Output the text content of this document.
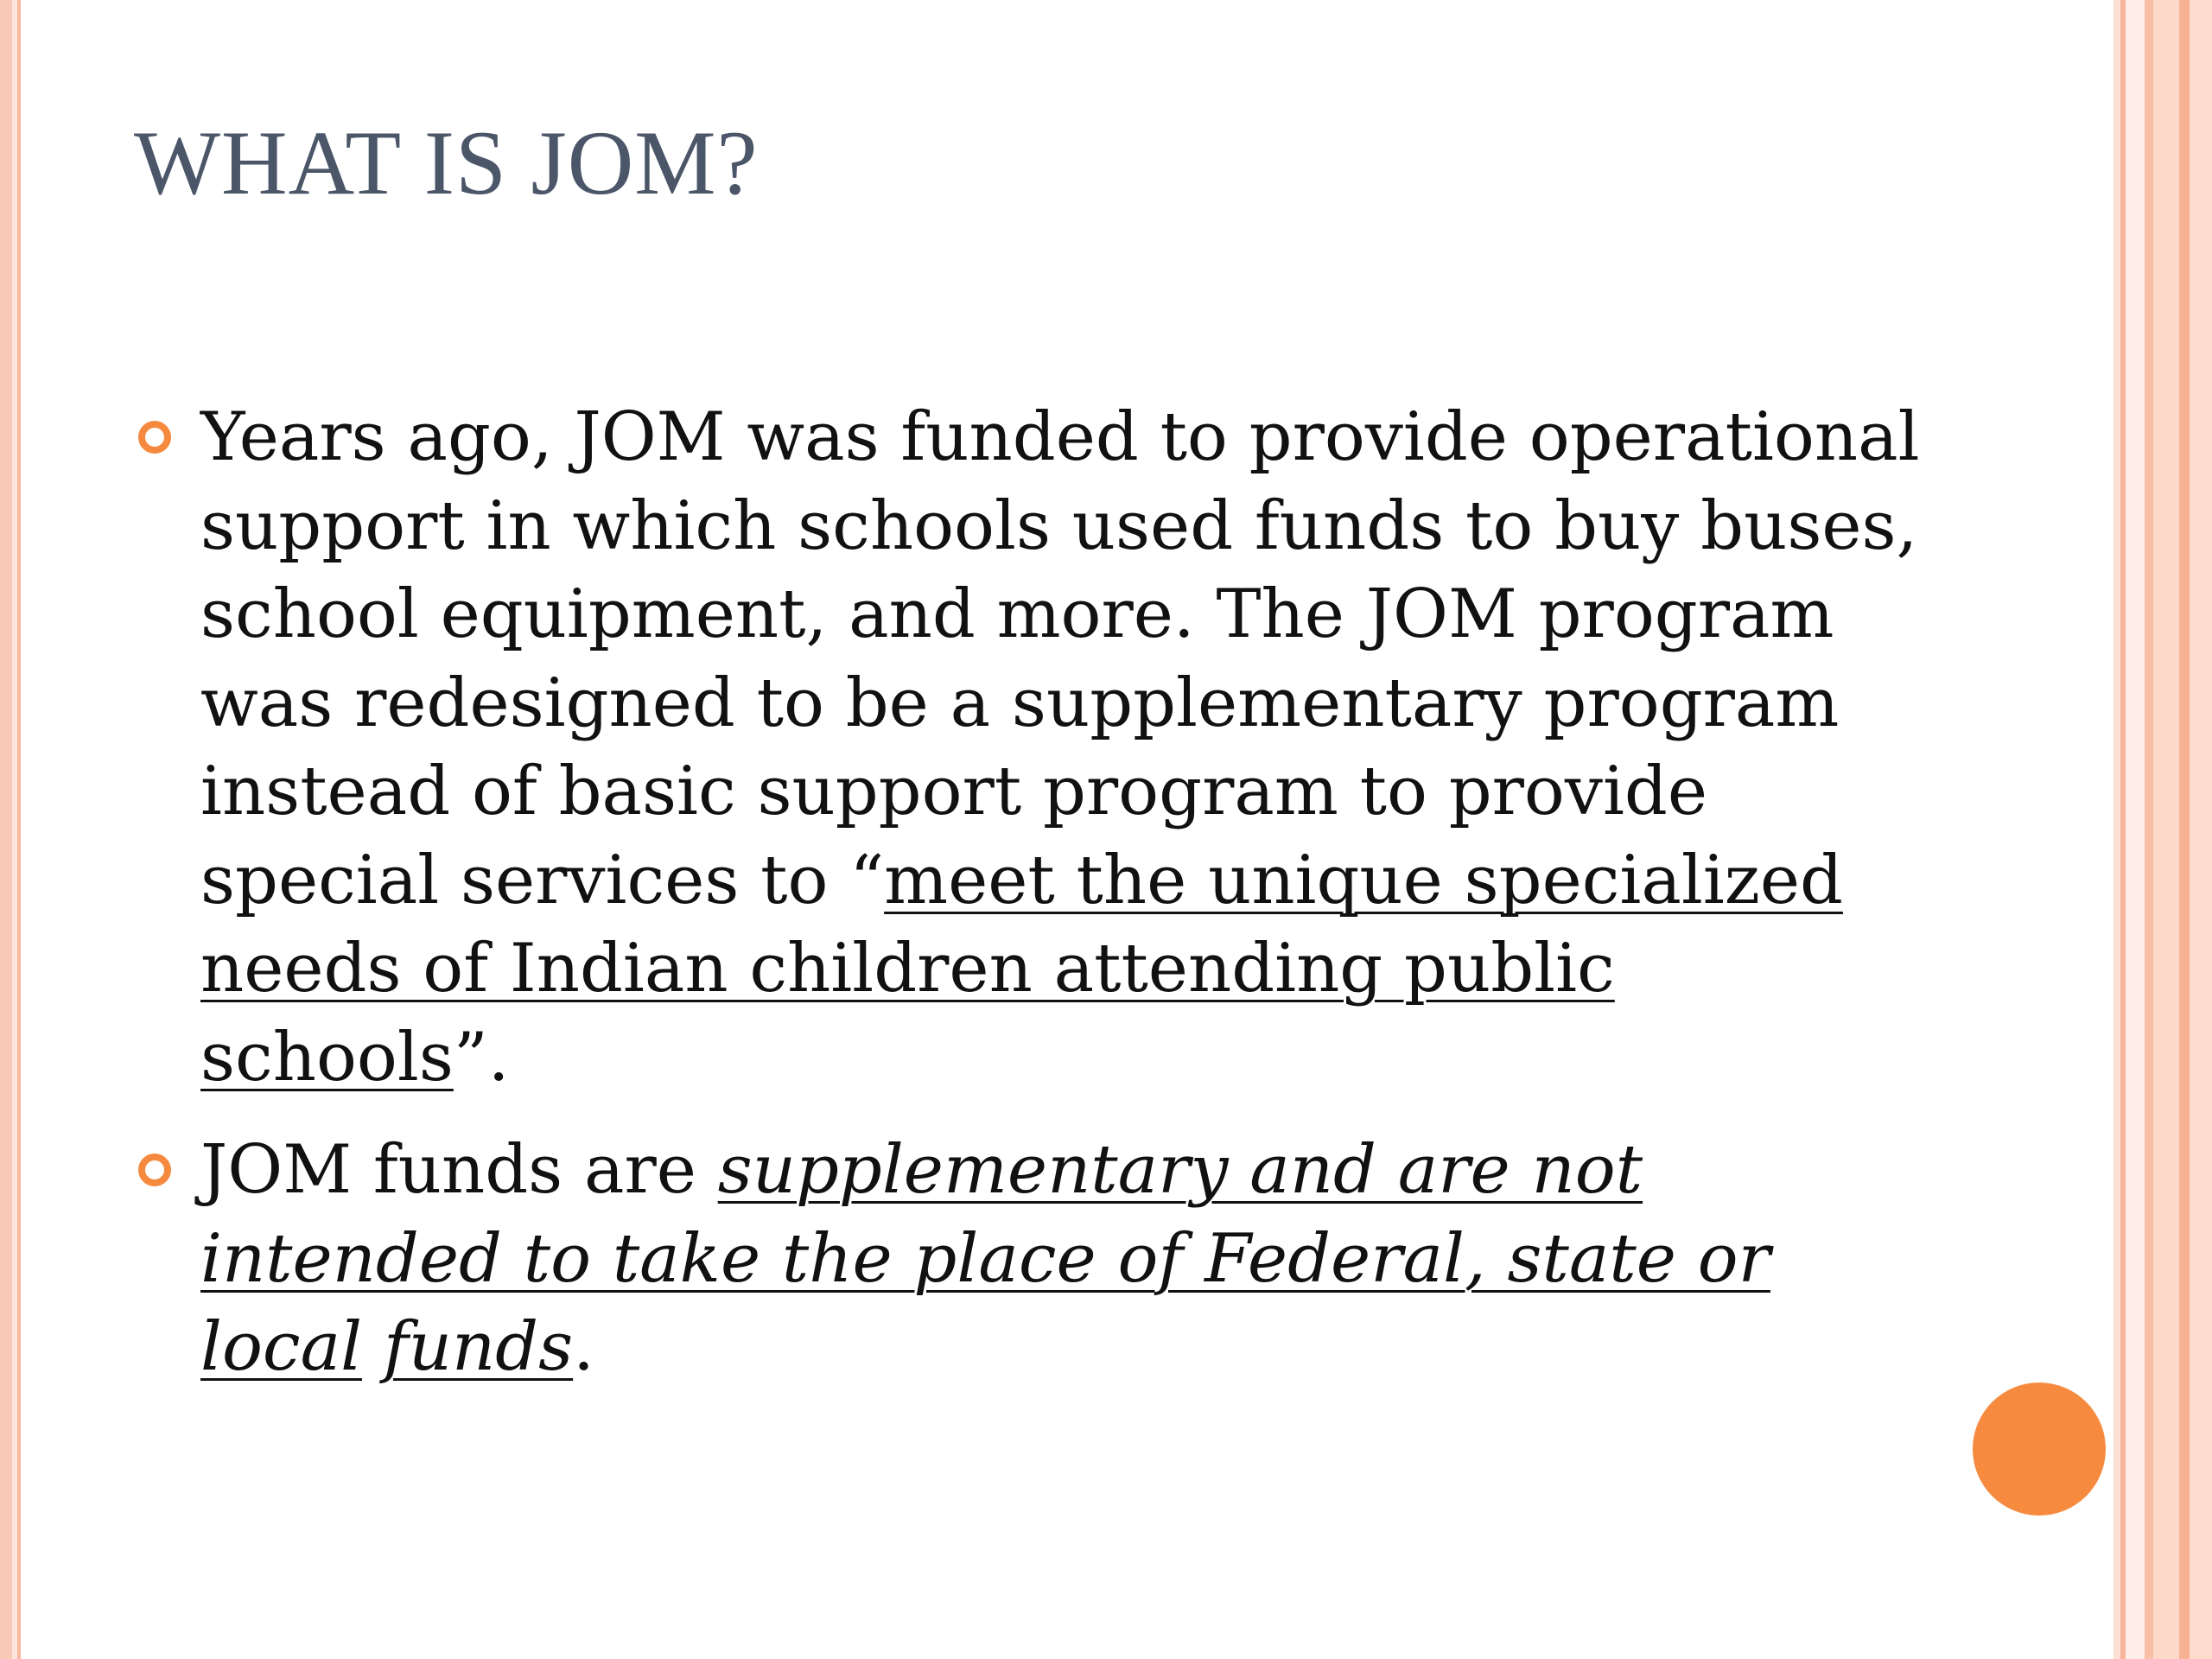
WHAT IS JOM?

Years ago, JOM was funded to provide operational support in which schools used funds to buy buses, school equipment, and more. The JOM program was redesigned to be a supplementary program instead of basic support program to provide special services to “meet the unique specialized needs of Indian children attending public schools”.

JOM funds are supplementary and are not intended to take the place of Federal, state or local funds.
